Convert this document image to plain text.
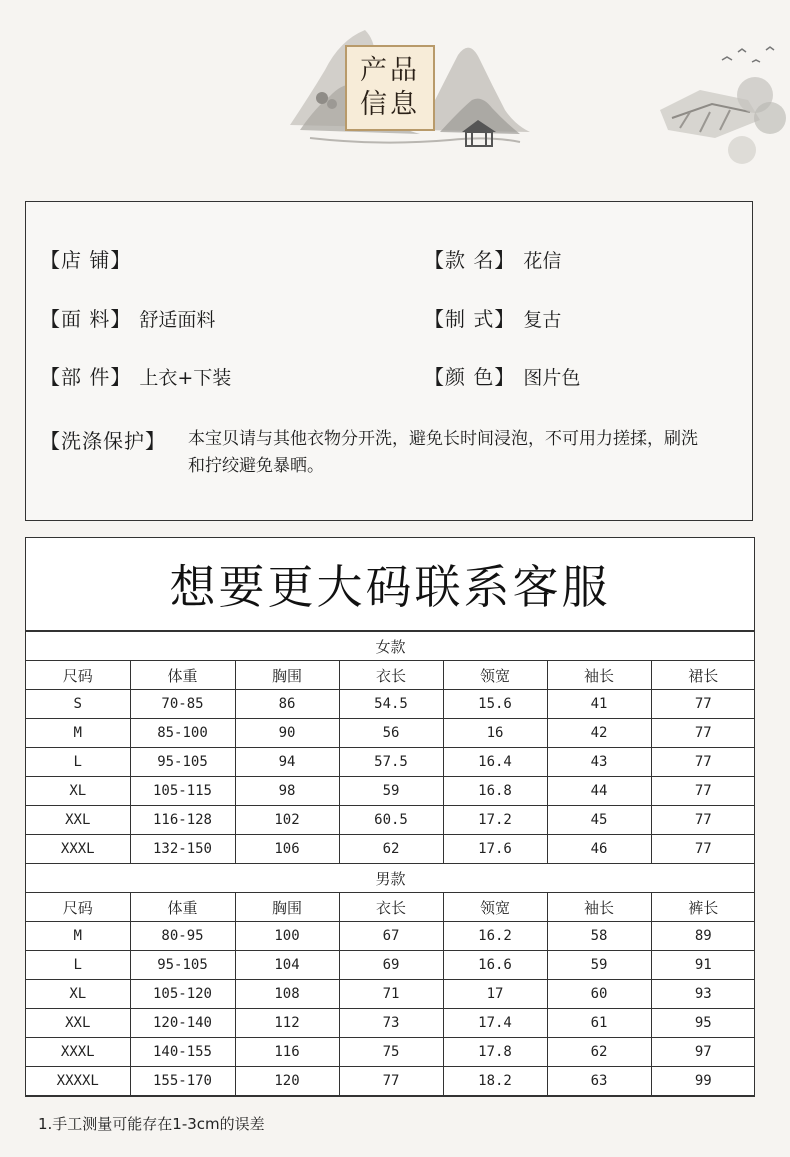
产品
信息
【店 铺】	【款 名】 花信
【面 料】 舒适面料	【制 式】 复古
【部 件】 上衣+下装	【颜 色】 图片色
【洗涤保护】 本宝贝请与其他衣物分开洗，避免长时间浸泡，不可用力搓揉，刷洗和拧绞避免暴晒。
想要更大码联系客服
女款						
尺码	体重	胸围	衣长	领宽	袖长	裙长
S	70-85	86	54.5	15.6	41	77
M	85-100	90	56	16	42	77
L	95-105	94	57.5	16.4	43	77
XL	105-115	98	59	16.8	44	77
XXL	116-128	102	60.5	17.2	45	77
XXXL	132-150	106	62	17.6	46	77
男款						
尺码	体重	胸围	衣长	领宽	袖长	裤长
M	80-95	100	67	16.2	58	89
L	95-105	104	69	16.6	59	91
XL	105-120	108	71	17	60	93
XXL	120-140	112	73	17.4	61	95
XXXL	140-155	116	75	17.8	62	97
XXXXL	155-170	120	77	18.2	63	99
1.手工测量可能存在1-3cm的误差
